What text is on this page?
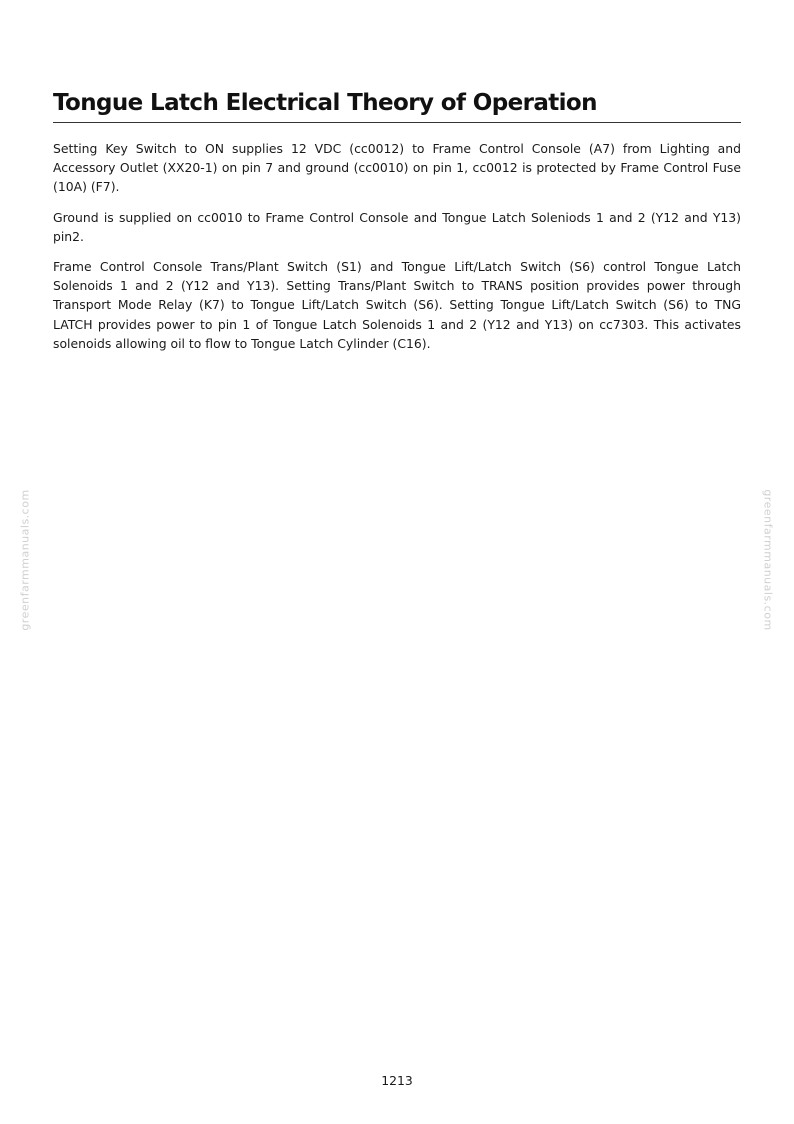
Tongue Latch Electrical Theory of Operation

Setting Key Switch to ON supplies 12 VDC (cc0012) to Frame Control Console (A7) from Lighting and Accessory Outlet (XX20-1) on pin 7 and ground (cc0010) on pin 1, cc0012 is protected by Frame Control Fuse (10A) (F7).

Ground is supplied on cc0010 to Frame Control Console and Tongue Latch Soleniods 1 and 2 (Y12 and Y13) pin2.

Frame Control Console Trans/Plant Switch (S1) and Tongue Lift/Latch Switch (S6) control Tongue Latch Solenoids 1 and 2 (Y12 and Y13). Setting Trans/Plant Switch to TRANS position provides power through Transport Mode Relay (K7) to Tongue Lift/Latch Switch (S6). Setting Tongue Lift/Latch Switch (S6) to TNG LATCH provides power to pin 1 of Tongue Latch Solenoids 1 and 2 (Y12 and Y13) on cc7303. This activates solenoids allowing oil to flow to Tongue Latch Cylinder (C16).

greenfarmmanuals.com	greenfarmmanuals.com
1213
